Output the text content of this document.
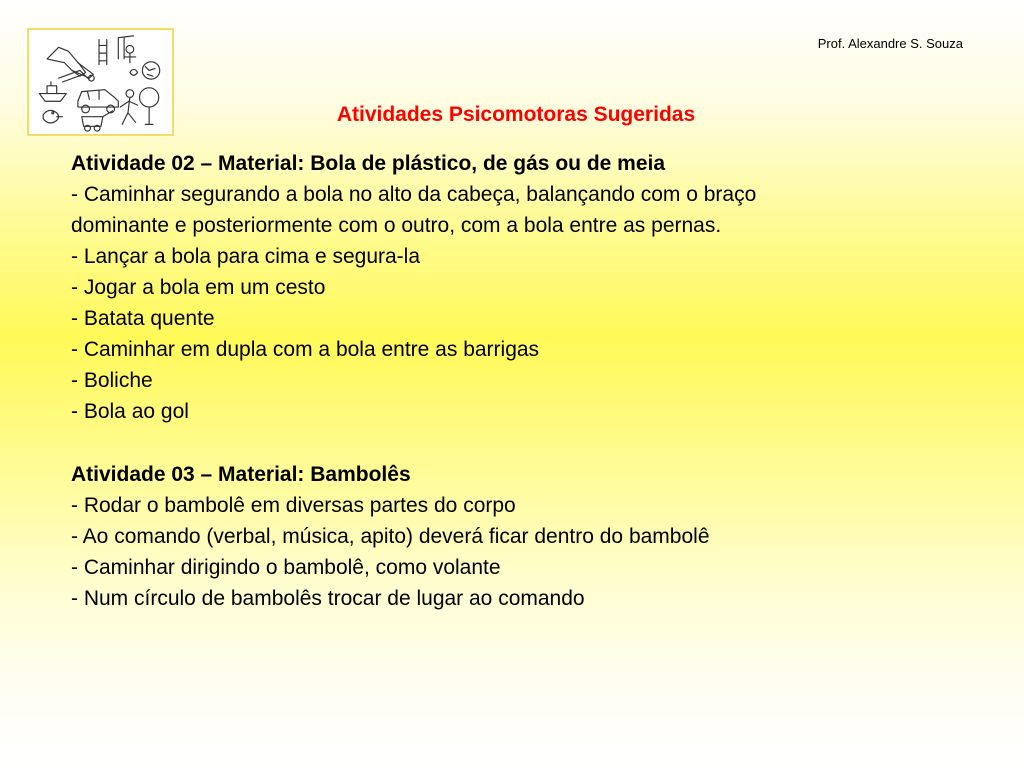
Prof. Alexandre S. Souza
Atividades Psicomotoras Sugeridas
Atividade 02 – Material: Bola de plástico, de gás ou de meia
- Caminhar segurando a bola no alto da cabeça, balançando com o braço
dominante e posteriormente com o outro, com a bola entre as pernas.
- Lançar a bola para cima e segura-la
- Jogar a bola em um cesto
- Batata quente
- Caminhar em dupla com a bola entre as barrigas
- Boliche
- Bola ao gol
Atividade 03 – Material: Bambolês
- Rodar o bambolê em diversas partes do corpo
- Ao comando (verbal, música, apito) deverá ficar dentro do bambolê
- Caminhar dirigindo o bambolê, como volante
- Num círculo de bambolês trocar de lugar ao comando
